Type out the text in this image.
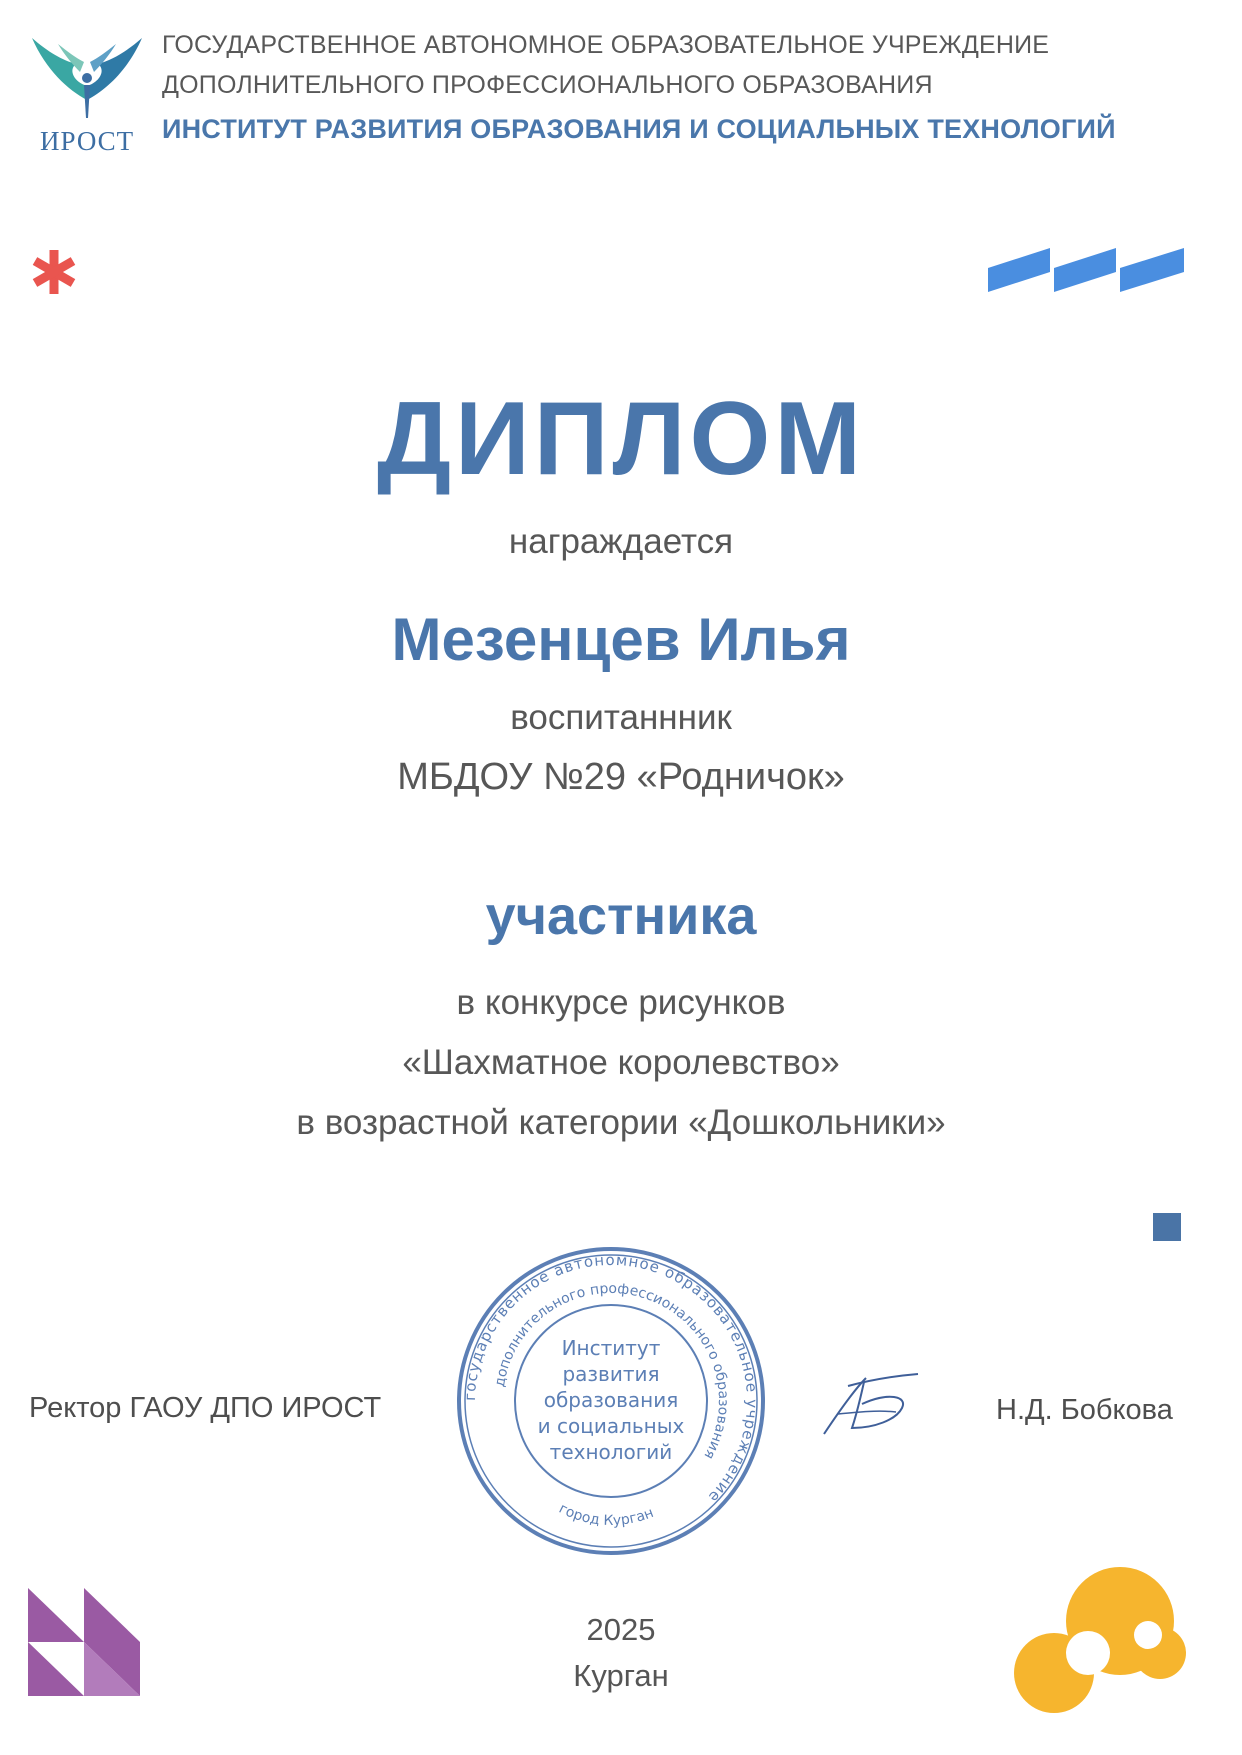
ИРОСТ
ГОСУДАРСТВЕННОЕ АВТОНОМНОЕ ОБРАЗОВАТЕЛЬНОЕ УЧРЕЖДЕНИЕ
ДОПОЛНИТЕЛЬНОГО ПРОФЕССИОНАЛЬНОГО ОБРАЗОВАНИЯ
ИНСТИТУТ РАЗВИТИЯ ОБРАЗОВАНИЯ И СОЦИАЛЬНЫХ ТЕХНОЛОГИЙ
ДИПЛОМ
награждается
Мезенцев Илья
воспитаннник
МБДОУ №29 «Родничок»
участника
в конкурсе рисунков
«Шахматное королевство»
в возрастной категории «Дошкольники»
Ректор ГАОУ ДПО ИРОСТ	государственное автономное образовательное учреждение
дополнительного профессионального образования
город Курган
Институт
развития
образования
и социальных
технологий
Н.Д. Бобкова
2025
Курган
